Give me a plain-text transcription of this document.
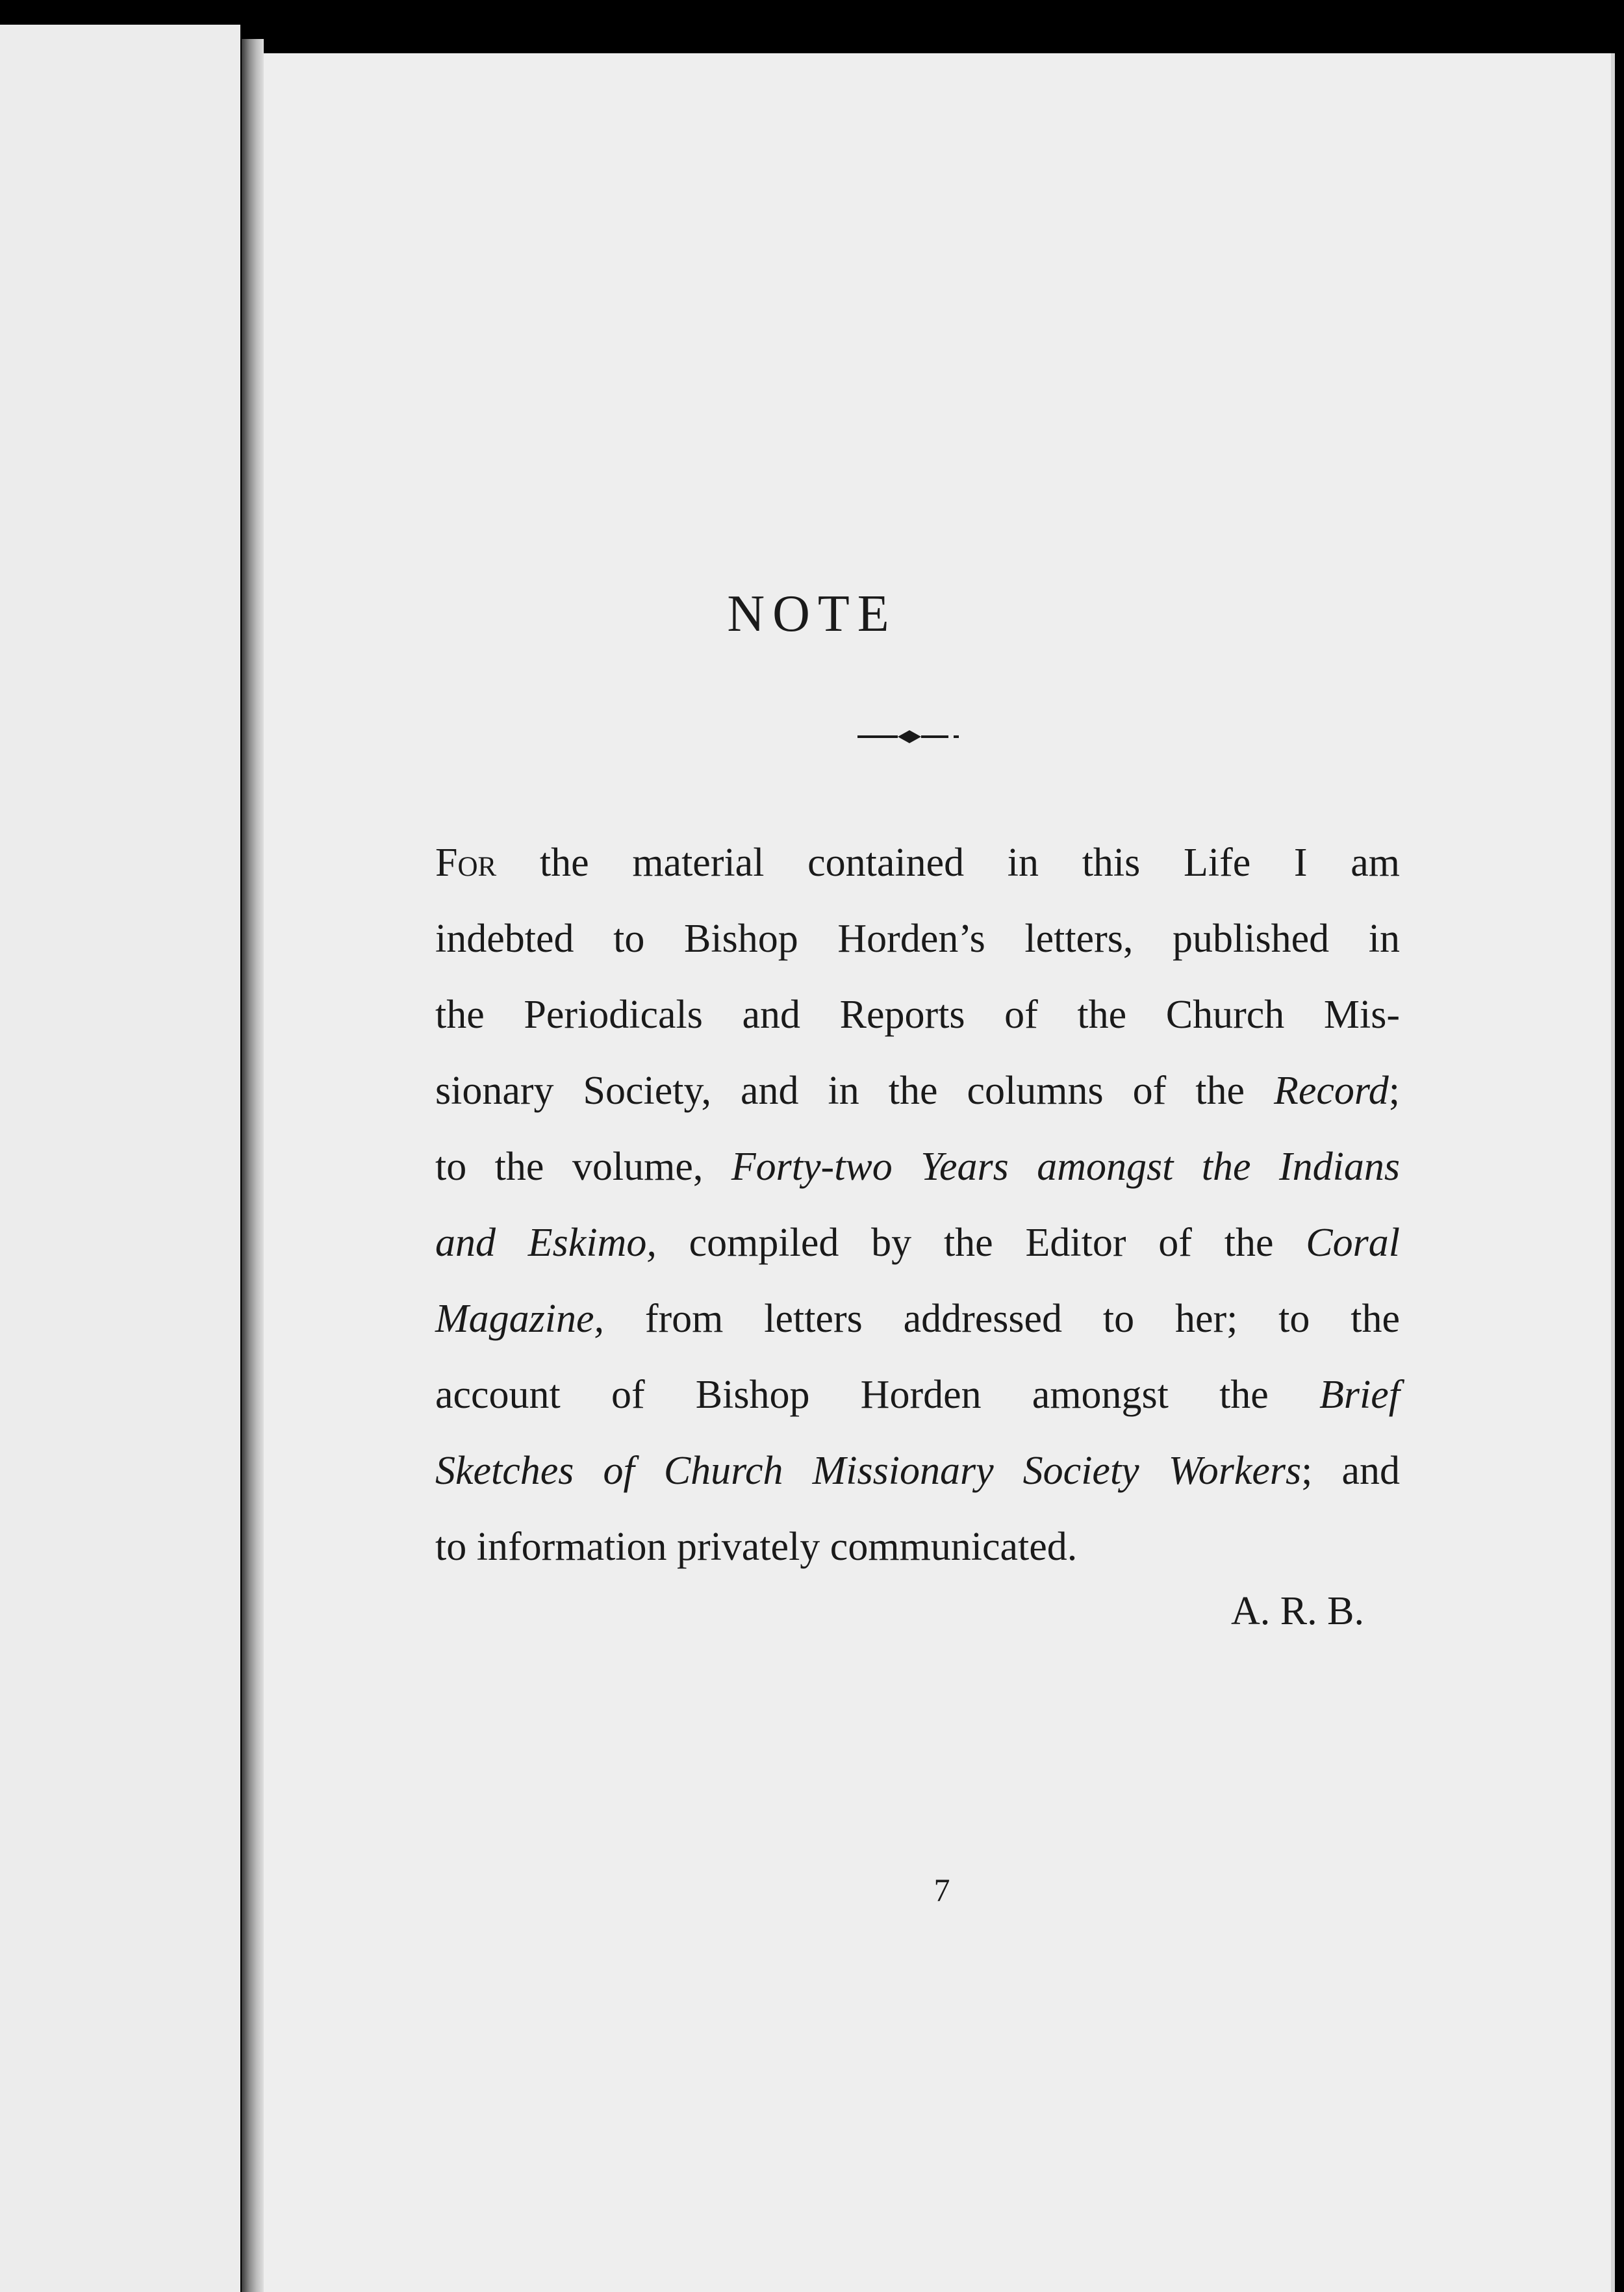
NOTE
For the material contained in this Life I am
indebted to Bishop Horden’s letters, published in
the Periodicals and Reports of the Church Mis-
sionary Society, and in the columns of the Record;
to the volume, Forty-two Years amongst the Indians
and Eskimo, compiled by the Editor of the Coral
Magazine, from letters addressed to her; to the
account of Bishop Horden amongst the Brief
Sketches of Church Missionary Society Workers; and
to information privately communicated.
A. R. B.
7
